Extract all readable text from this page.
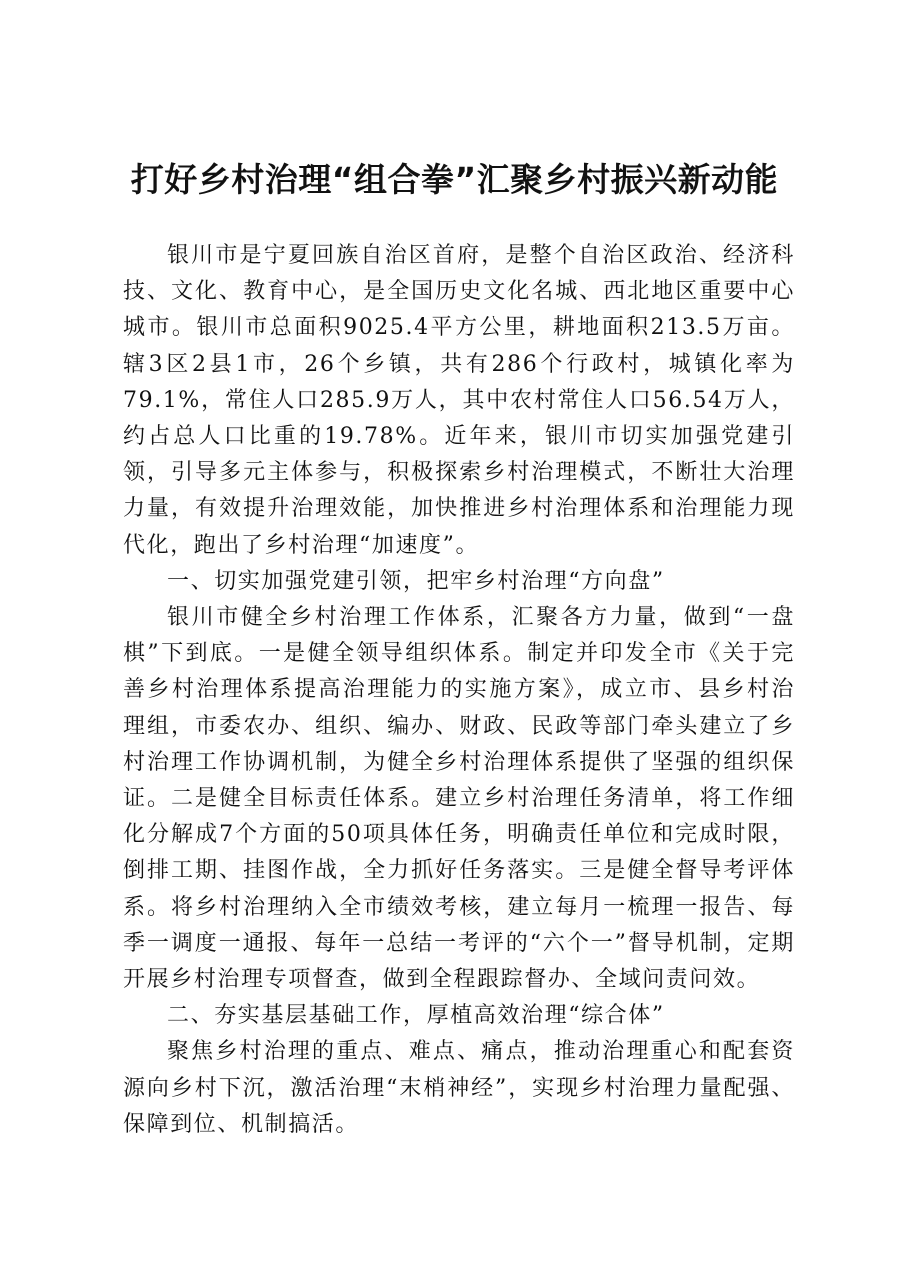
打好乡村治理“组合拳”汇聚乡村振兴新动能

银川市是宁夏回族自治区首府，是整个自治区政治、经济科技、文化、教育中心，是全国历史文化名城、西北地区重要中心城市。银川市总面积9025.4平方公里，耕地面积213.5万亩。辖3区2县1市，26个乡镇，共有286个行政村，城镇化率为79.1%，常住人口285.9万人，其中农村常住人口56.54万人，约占总人口比重的19.78%。近年来，银川市切实加强党建引领，引导多元主体参与，积极探索乡村治理模式，不断壮大治理力量，有效提升治理效能，加快推进乡村治理体系和治理能力现代化，跑出了乡村治理“加速度”。

一、切实加强党建引领，把牢乡村治理“方向盘”

银川市健全乡村治理工作体系，汇聚各方力量，做到“一盘棋”下到底。一是健全领导组织体系。制定并印发全市《关于完善乡村治理体系提高治理能力的实施方案》，成立市、县乡村治理组，市委农办、组织、编办、财政、民政等部门牵头建立了乡村治理工作协调机制，为健全乡村治理体系提供了坚强的组织保证。二是健全目标责任体系。建立乡村治理任务清单，将工作细化分解成7个方面的50项具体任务，明确责任单位和完成时限，倒排工期、挂图作战，全力抓好任务落实。三是健全督导考评体系。将乡村治理纳入全市绩效考核，建立每月一梳理一报告、每季一调度一通报、每年一总结一考评的“六个一”督导机制，定期开展乡村治理专项督查，做到全程跟踪督办、全域问责问效。

二、夯实基层基础工作，厚植高效治理“综合体”

聚焦乡村治理的重点、难点、痛点，推动治理重心和配套资源向乡村下沉，激活治理“末梢神经”，实现乡村治理力量配强、保障到位、机制搞活。
